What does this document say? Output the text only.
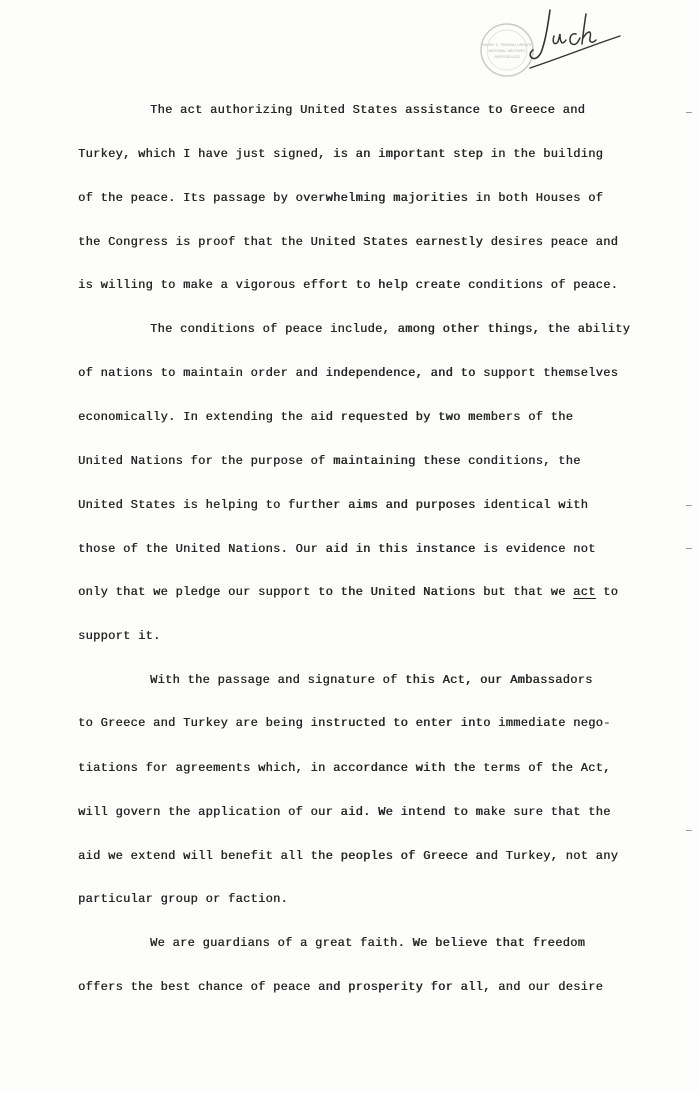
HARRY S. TRUMAN LIBRARY
NATIONAL ARCHIVES
REPRODUCED

The act authorizing United States assistance to Greece and

Turkey, which I have just signed, is an important step in the building

of the peace. Its passage by overwhelming majorities in both Houses of

the Congress is proof that the United States earnestly desires peace and

is willing to make a vigorous effort to help create conditions of peace.

The conditions of peace include, among other things, the ability

of nations to maintain order and independence, and to support themselves

economically. In extending the aid requested by two members of the

United Nations for the purpose of maintaining these conditions, the

United States is helping to further aims and purposes identical with

those of the United Nations. Our aid in this instance is evidence not

only that we pledge our support to the United Nations but that we act to

support it.

With the passage and signature of this Act, our Ambassadors

to Greece and Turkey are being instructed to enter into immediate nego-

tiations for agreements which, in accordance with the terms of the Act,

will govern the application of our aid. We intend to make sure that the

aid we extend will benefit all the peoples of Greece and Turkey, not any

particular group or faction.

We are guardians of a great faith. We believe that freedom

offers the best chance of peace and prosperity for all, and our desire
